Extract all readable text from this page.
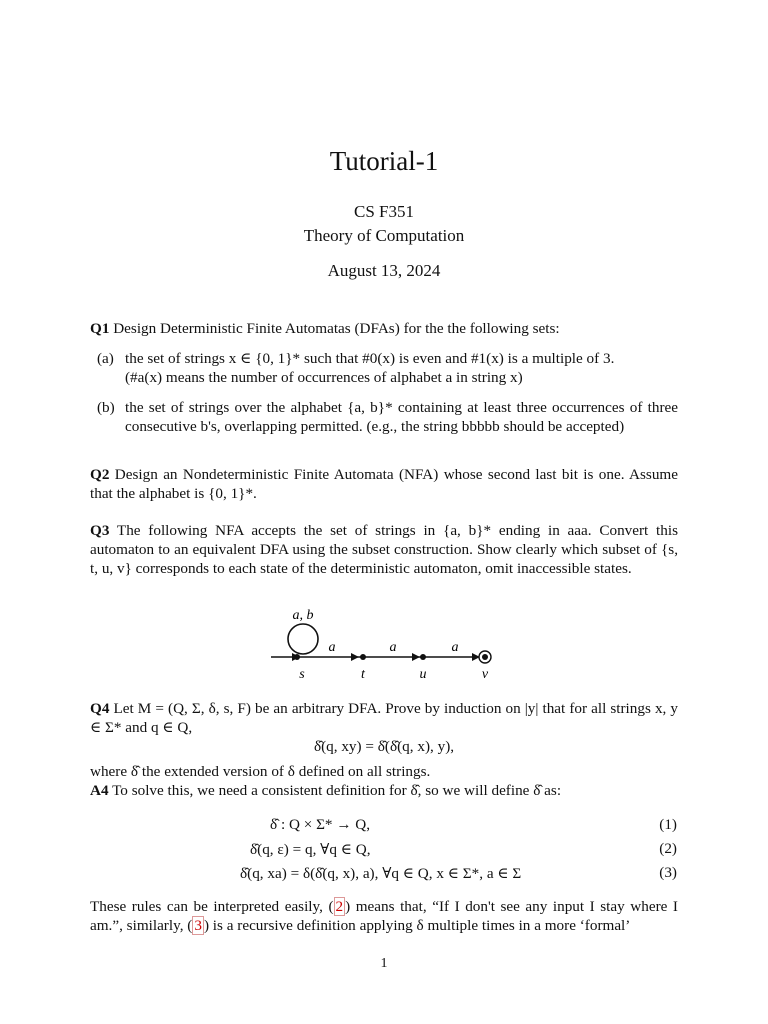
Tutorial-1
CS F351
Theory of Computation
August 13, 2024
Q1 Design Deterministic Finite Automatas (DFAs) for the the following sets:
(a) the set of strings x ∈ {0, 1}* such that #0(x) is even and #1(x) is a multiple of 3.
(#a(x) means the number of occurrences of alphabet a in string x)
(b) the set of strings over the alphabet {a, b}* containing at least three occurrences of three consecutive b's, overlapping permitted. (e.g., the string bbbbb should be accepted)
Q2 Design an Nondeterministic Finite Automata (NFA) whose second last bit is one. Assume that the alphabet is {0, 1}*.
Q3 The following NFA accepts the set of strings in {a, b}* ending in aaa. Convert this automaton to an equivalent DFA using the subset construction. Show clearly which subset of {s, t, u, v} corresponds to each state of the deterministic automaton, omit inaccessible states.
a, b
a	a	a
s	t	u	v
Q4 Let M = (Q, Σ, δ, s, F) be an arbitrary DFA. Prove by induction on |y| that for all strings x, y ∈ Σ* and q ∈ Q,
δ̂(q, xy) = δ̂(δ̂(q, x), y),
where δ̂ the extended version of δ defined on all strings.
A4 To solve this, we need a consistent definition for δ̂, so we will define δ̂ as:
δ̂ : Q × Σ* → Q,	(1)
δ̂(q, ε) = q, ∀q ∈ Q,	(2)
δ̂(q, xa) = δ(δ̂(q, x), a), ∀q ∈ Q, x ∈ Σ*, a ∈ Σ	(3)
These rules can be interpreted easily, ( 2 ) means that, “If I don't see any input I stay where I am.”, similarly, ( 3 ) is a recursive definition applying δ multiple times in a more ‘formal’
1
